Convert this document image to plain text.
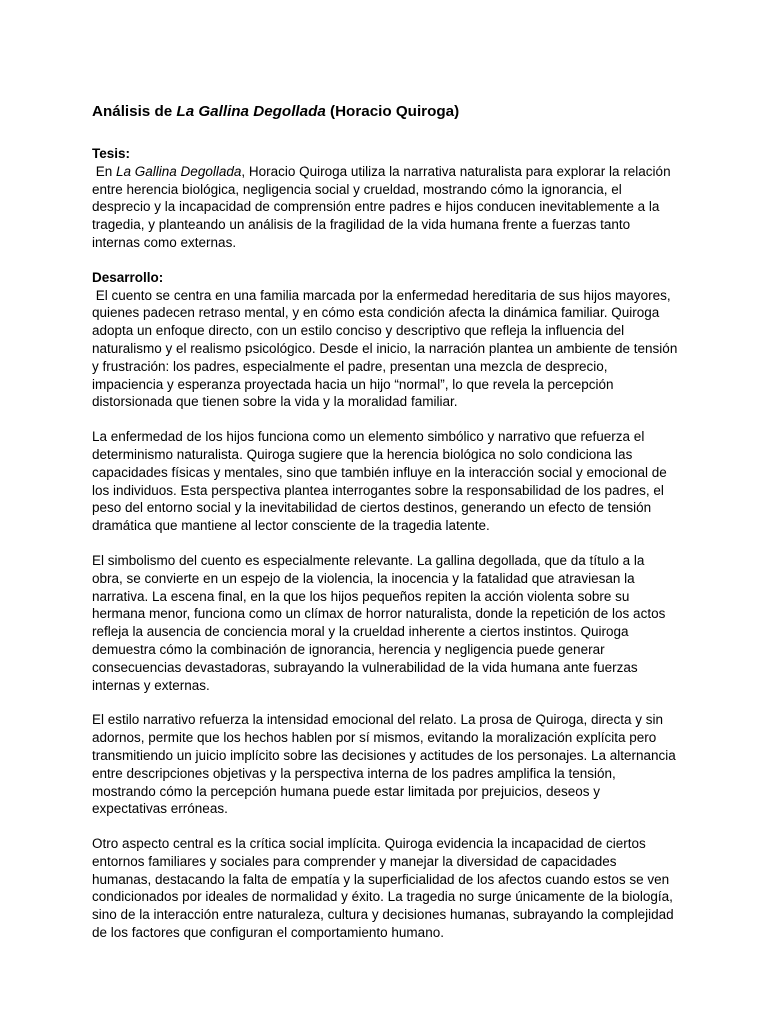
Análisis de La Gallina Degollada (Horacio Quiroga)

Tesis:

En La Gallina Degollada, Horacio Quiroga utiliza la narrativa naturalista para explorar la relación entre herencia biológica, negligencia social y crueldad, mostrando cómo la ignorancia, el desprecio y la incapacidad de comprensión entre padres e hijos conducen inevitablemente a la tragedia, y planteando un análisis de la fragilidad de la vida humana frente a fuerzas tanto internas como externas.

Desarrollo:

El cuento se centra en una familia marcada por la enfermedad hereditaria de sus hijos mayores, quienes padecen retraso mental, y en cómo esta condición afecta la dinámica familiar. Quiroga adopta un enfoque directo, con un estilo conciso y descriptivo que refleja la influencia del naturalismo y el realismo psicológico. Desde el inicio, la narración plantea un ambiente de tensión y frustración: los padres, especialmente el padre, presentan una mezcla de desprecio, impaciencia y esperanza proyectada hacia un hijo “normal”, lo que revela la percepción distorsionada que tienen sobre la vida y la moralidad familiar.

La enfermedad de los hijos funciona como un elemento simbólico y narrativo que refuerza el determinismo naturalista. Quiroga sugiere que la herencia biológica no solo condiciona las capacidades físicas y mentales, sino que también influye en la interacción social y emocional de los individuos. Esta perspectiva plantea interrogantes sobre la responsabilidad de los padres, el peso del entorno social y la inevitabilidad de ciertos destinos, generando un efecto de tensión dramática que mantiene al lector consciente de la tragedia latente.

El simbolismo del cuento es especialmente relevante. La gallina degollada, que da título a la obra, se convierte en un espejo de la violencia, la inocencia y la fatalidad que atraviesan la narrativa. La escena final, en la que los hijos pequeños repiten la acción violenta sobre su hermana menor, funciona como un clímax de horror naturalista, donde la repetición de los actos refleja la ausencia de conciencia moral y la crueldad inherente a ciertos instintos. Quiroga demuestra cómo la combinación de ignorancia, herencia y negligencia puede generar consecuencias devastadoras, subrayando la vulnerabilidad de la vida humana ante fuerzas internas y externas.

El estilo narrativo refuerza la intensidad emocional del relato. La prosa de Quiroga, directa y sin adornos, permite que los hechos hablen por sí mismos, evitando la moralización explícita pero transmitiendo un juicio implícito sobre las decisiones y actitudes de los personajes. La alternancia entre descripciones objetivas y la perspectiva interna de los padres amplifica la tensión, mostrando cómo la percepción humana puede estar limitada por prejuicios, deseos y expectativas erróneas.

Otro aspecto central es la crítica social implícita. Quiroga evidencia la incapacidad de ciertos entornos familiares y sociales para comprender y manejar la diversidad de capacidades humanas, destacando la falta de empatía y la superficialidad de los afectos cuando estos se ven condicionados por ideales de normalidad y éxito. La tragedia no surge únicamente de la biología, sino de la interacción entre naturaleza, cultura y decisiones humanas, subrayando la complejidad de los factores que configuran el comportamiento humano.
